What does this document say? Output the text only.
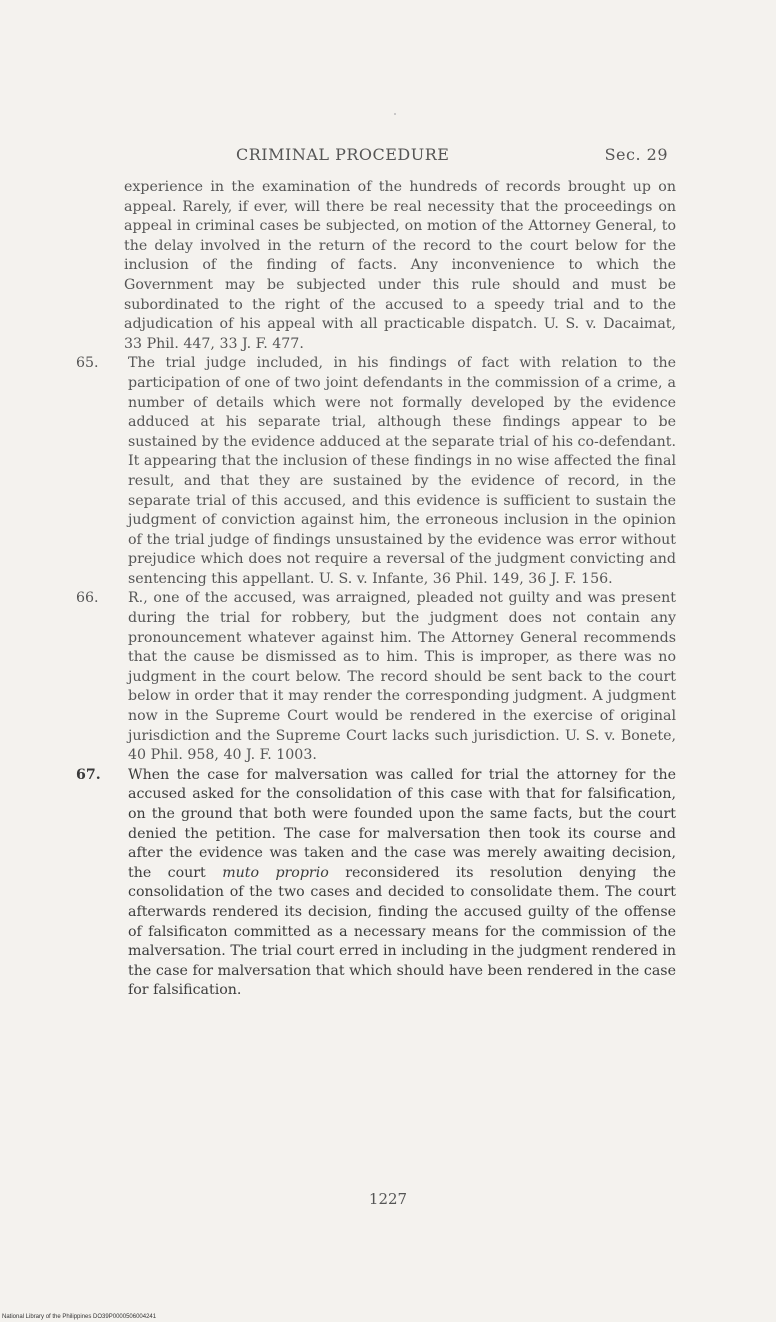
CRIMINAL PROCEDURE	Sec. 29

experience in the examination of the hundreds of records brought up on appeal. Rarely, if ever, will there be real necessity that the proceedings on appeal in criminal cases be subjected, on motion of the Attorney General, to the delay involved in the return of the record to the court below for the inclusion of the finding of facts. Any inconvenience to which the Government may be subjected under this rule should and must be subordinated to the right of the accused to a speedy trial and to the adjudication of his appeal with all practicable dispatch. U. S. v. Dacaimat, 33 Phil. 447, 33 J. F. 477.

65. The trial judge included, in his findings of fact with relation to the participation of one of two joint defendants in the commission of a crime, a number of details which were not formally developed by the evidence adduced at his separate trial, although these findings appear to be sustained by the evidence adduced at the separate trial of his co-defendant. It appearing that the inclusion of these findings in no wise affected the final result, and that they are sustained by the evidence of record, in the separate trial of this accused, and this evidence is sufficient to sustain the judgment of conviction against him, the erroneous inclusion in the opinion of the trial judge of findings unsustained by the evidence was error without prejudice which does not require a reversal of the judgment convicting and sentencing this appellant. U. S. v. Infante, 36 Phil. 149, 36 J. F. 156.
66. R., one of the accused, was arraigned, pleaded not guilty and was present during the trial for robbery, but the judgment does not contain any pronouncement whatever against him. The Attorney General recommends that the cause be dismissed as to him. This is improper, as there was no judgment in the court below. The record should be sent back to the court below in order that it may render the corresponding judgment. A judgment now in the Supreme Court would be rendered in the exercise of original jurisdiction and the Supreme Court lacks such jurisdiction. U. S. v. Bonete, 40 Phil. 958, 40 J. F. 1003.
67. When the case for malversation was called for trial the attorney for the accused asked for the consolidation of this case with that for falsification, on the ground that both were founded upon the same facts, but the court denied the petition. The case for malversation then took its course and after the evidence was taken and the case was merely awaiting decision, the court muto proprio reconsidered its resolution denying the consolidation of the two cases and decided to consolidate them. The court afterwards rendered its decision, finding the accused guilty of the offense of falsificaton committed as a necessary means for the commission of the malversation. The trial court erred in including in the judgment rendered in the case for malversation that which should have been rendered in the case for falsification.
1227
National Library of the Philippines DO39P0000506004241
